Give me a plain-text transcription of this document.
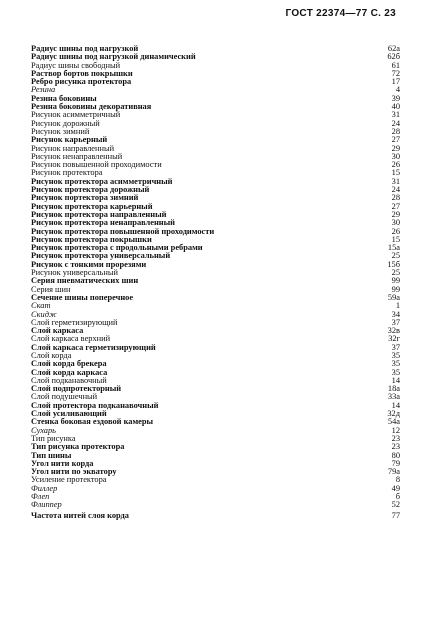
ГОСТ 22374—77 С. 23
Радиус шины под нагрузкой	62а
Радиус шины под нагрузкой динамический	62б
Радиус шины свободный	61
Раствор бортов покрышки	72
Ребро рисунка протектора	17
Резина	4
Резина боковины	39
Резина боковины декоративная	40
Рисунок асимметричный	31
Рисунок дорожный	24
Рисунок зимний	28
Рисунок карьерный	27
Рисунок направленный	29
Рисунок ненаправленный	30
Рисунок повышенной проходимости	26
Рисунок протектора	15
Рисунок протектора асимметричный	31
Рисунок протектора дорожный	24
Рисунок портектора зимний	28
Рисунок протектора карьерный	27
Рисунок протектора направленный	29
Рисунок протектора ненаправленный	30
Рисунок протектора повышенной проходимости	26
Рисунок протектора покрышки	15
Рисунок протектора с продольными ребрами	15а
Рисунок протектора универсальный	25
Рисунок с тонкими прорезями	15б
Рисунок универсальный	25
Серия пневматических шин	99
Серия шин	99
Сечение шины поперечное	59а
Скат	1
Скидж	34
Слой герметизирующий	37
Слой каркаса	32в
Слой каркаса верхний	32г
Слой каркаса герметизирующий	37
Слой корда	35
Слой корда брекера	35
Слой корда каркаса	35
Слой подканавочный	14
Слой подпротекторный	18а
Слой подушечный	33а
Слой протектора подканавочный	14
Слой усиливающий	32д
Стенка боковая ездовой камеры	54а
Сухарь	12
Тип рисунка	23
Тип рисунка протектора	23
Тип шины	80
Угол нити корда	79
Угол нити по экватору	79а
Усиление протектора	8
Филлер	49
Флеп	б
Флиппер	52
Частота нитей слоя корда	77
